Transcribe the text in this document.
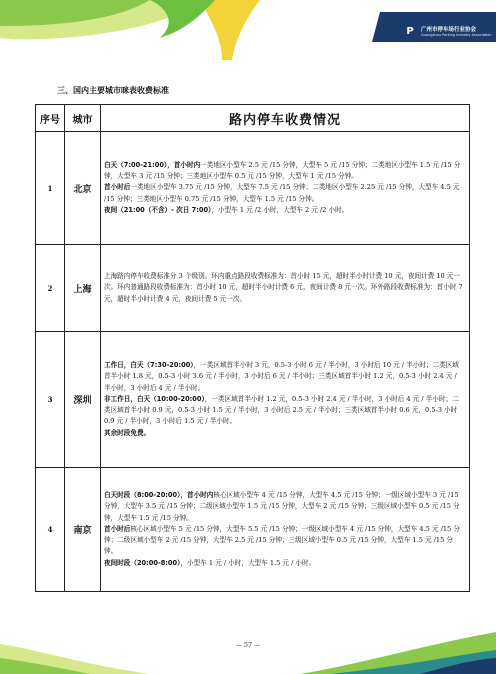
P	广州市停车场行业协会
Guangzhou Parking Industry Association
三、国内主要城市咪表收费标准
序号	城市	路内停车收费情况
1	北京	白天（7:00-21:00），首小时内一类地区小型车 2.5 元 /15 分钟，大型车 5 元 /15 分钟；二类地区小型车 1.5 元 /15 分钟，大型车 3 元 /15 分钟；三类地区小型车 0.5 元 /15 分钟，大型车 1 元 /15 分钟。

首小时后一类地区小型车 3.75 元 /15 分钟，大型车 7.5 元 /15 分钟；二类地区小型车 2.25 元 /15 分钟，大型车 4.5 元 /15 分钟；三类地区小型车 0.75 元 /15 分钟，大型车 1.5 元 /15 分钟。

夜间（21:00（不含）- 次日 7:00），小型车 1 元 /2 小时，大型车 2 元 /2 小时。

2	上海	上海路内停车收费标准分 3 个级别。环内重点路段收费标准为：首小时 15 元，超时半小时计费 10 元，夜间计费 10 元一次。环内普通路段收费标准为：首小时 10 元，超时半小时计费 6 元，夜间计费 8 元一次。环外路段收费标准为：首小时 7 元，超时半小时计费 4 元，夜间计费 5 元一次。

3	深圳	工作日，白天（7:30-20:00），一类区域首半小时 3 元，0.5-3 小时 6 元 / 半小时，3 小时后 10 元 / 半小时；二类区域首半小时 1.8 元，0.5-3 小时 3.6 元 / 半小时，3 小时后 6 元 / 半小时；三类区域首半小时 1.2 元，0.5-3 小时 2.4 元 / 半小时，3 小时后 4 元 / 半小时。

非工作日，白天（10:00-20:00），一类区域首半小时 1.2 元，0.5-3 小时 2.4 元 / 半小时，3 小时后 4 元 / 半小时；二类区域首半小时 0.9 元，0.5-3 小时 1.5 元 / 半小时，3 小时后 2.5 元 / 半小时；三类区域首半小时 0.6 元，0.5-3 小时 0.9 元 / 半小时，3 小时后 1.5 元 / 半小时。

其余时段免费。

4	南京	白天时段（8:00-20:00），首小时内核心区域小型车 4 元 /15 分钟，大型车 4.5 元 /15 分钟；一级区域小型车 3 元 /15 分钟，大型车 3.5 元 /15 分钟；二级区域小型车 1.5 元 /15 分钟，大型车 2 元 /15 分钟；三级区域小型车 0.5 元 /15 分钟，大型车 1.5 元 /15 分钟。

首小时后核心区域小型车 5 元 /15 分钟，大型车 5.5 元 /15 分钟；一级区域小型车 4 元 /15 分钟，大型车 4.5 元 /15 分钟；二级区域小型车 2 元 /15 分钟，大型车 2.5 元 /15 分钟；三级区域小型车 0.5 元 /15 分钟，大型车 1.5 元 /15 分钟。

夜间时段（20:00-8:00），小型车 1 元 / 小时，大型车 1.5 元 / 小时。

— 57 —
